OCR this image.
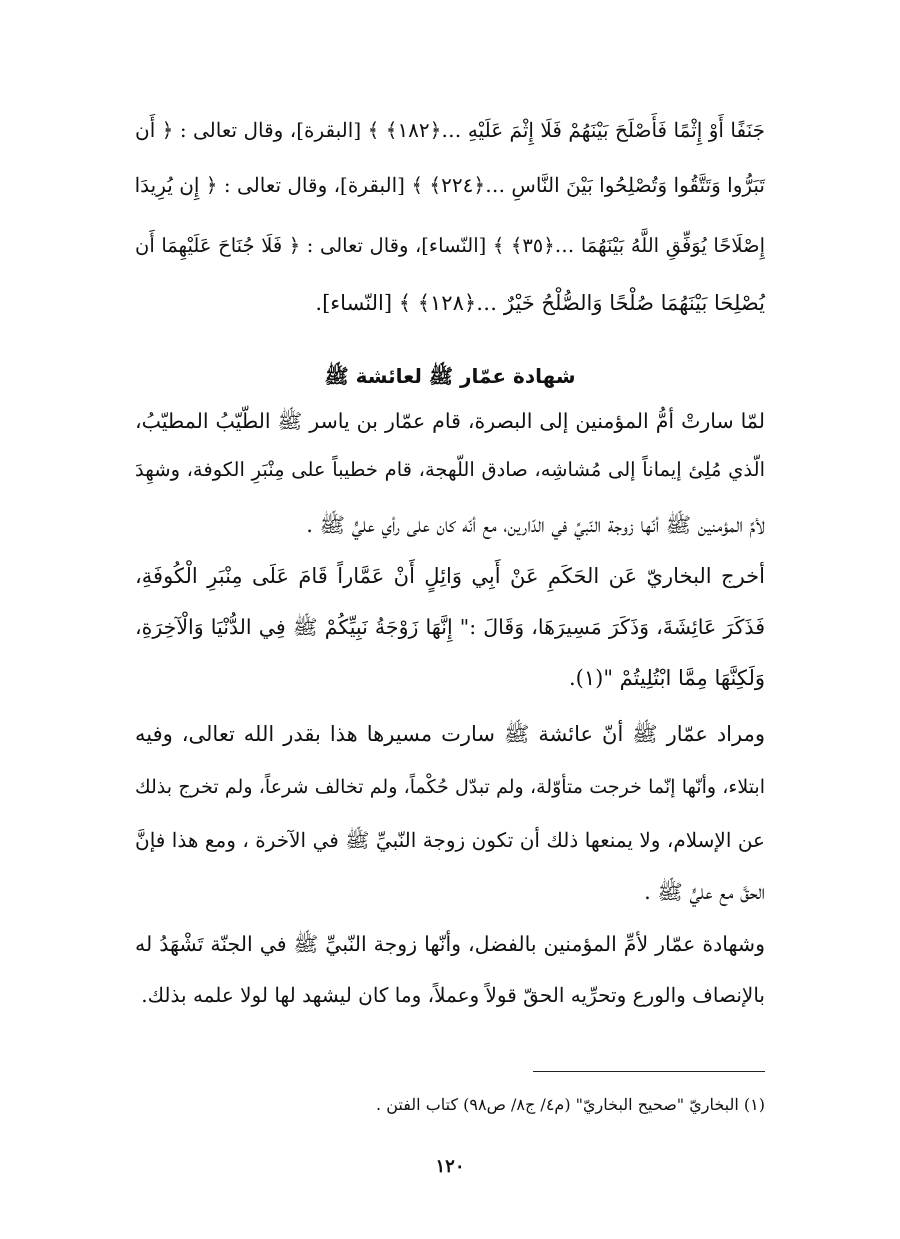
جَنَفًا أَوْ إِثْمًا فَأَصْلَحَ بَيْنَهُمْ فَلَا إِثْمَ عَلَيْهِ …﴿١٨٢﴾ ﴾ [البقرة]، وقال تعالى : ﴿ أَن
تَبَرُّوا وَتَتَّقُوا وَتُصْلِحُوا بَيْنَ النَّاسِ …﴿٢٢٤﴾ ﴾ [البقرة]، وقال تعالى : ﴿ إِن يُرِيدَا
إِصْلَاحًا يُوَفِّقِ اللَّهُ بَيْنَهُمَا …﴿٣٥﴾ ﴾ [النّساء]، وقال تعالى : ﴿ فَلَا جُنَاحَ عَلَيْهِمَا أَن
يُصْلِحَا بَيْنَهُمَا صُلْحًا وَالصُّلْحُ خَيْرٌ …﴿١٢٨﴾ ﴾ [النّساء].
شهادة عمّار ﷺ لعائشة ﷺ
لمّا سارتْ أمُّ المؤمنين إلى البصرة، قام عمّار بن ياسر ﷺ الطّيّبُ المطيّبُ،
الّذي مُلِئ إيماناً إلى مُشاشِه، صادق اللّهجة، قام خطيباً على مِنْبَرِ الكوفة، وشهِدَ
لأمِّ المؤمنين ﷺ أنّها زوجة النّبيِّ في الدّارين، مع أنّه كان على رأي عليٍّ ﷺ .
أخرج البخاريّ عَن الحَكَمِ عَنْ أَبِي وَائِلٍ أَنْ عَمَّاراً قَامَ عَلَى مِنْبَرِ الْكُوفَةِ،
فَذَكَرَ عَائِشَةَ، وَذَكَرَ مَسِيرَهَا، وَقَالَ :" إِنَّهَا زَوْجَةُ نَبِيِّكُمْ ﷺ فِي الدُّنْيَا وَالْآخِرَةِ،
وَلَكِنَّهَا مِمَّا ابْتُلِيتُمْ "(١).
ومراد عمّار ﷺ أنّ عائشة ﷺ سارت مسيرها هذا بقدر الله تعالى، وفيه
ابتلاء، وأنّها إنّما خرجت متأوّلة، ولم تبدّل حُكْماً، ولم تخالف شرعاً، ولم تخرج بذلك
عن الإسلام، ولا يمنعها ذلك أن تكون زوجة النّبيِّ ﷺ في الآخرة ، ومع هذا فإنَّ
الحقَّ مع عليٍّ ﷺ .
وشهادة عمّار لأمِّ المؤمنين بالفضل، وأنّها زوجة النّبيِّ ﷺ في الجنّة تَشْهَدُ له
بالإنصاف والورع وتحرِّيه الحقّ قولاً وعملاً، وما كان ليشهد لها لولا علمه بذلك.
(١) البخاريّ "صحيح البخاريّ" (م٤/ ج٨/ ص٩٨) كتاب الفتن .
١٢٠
